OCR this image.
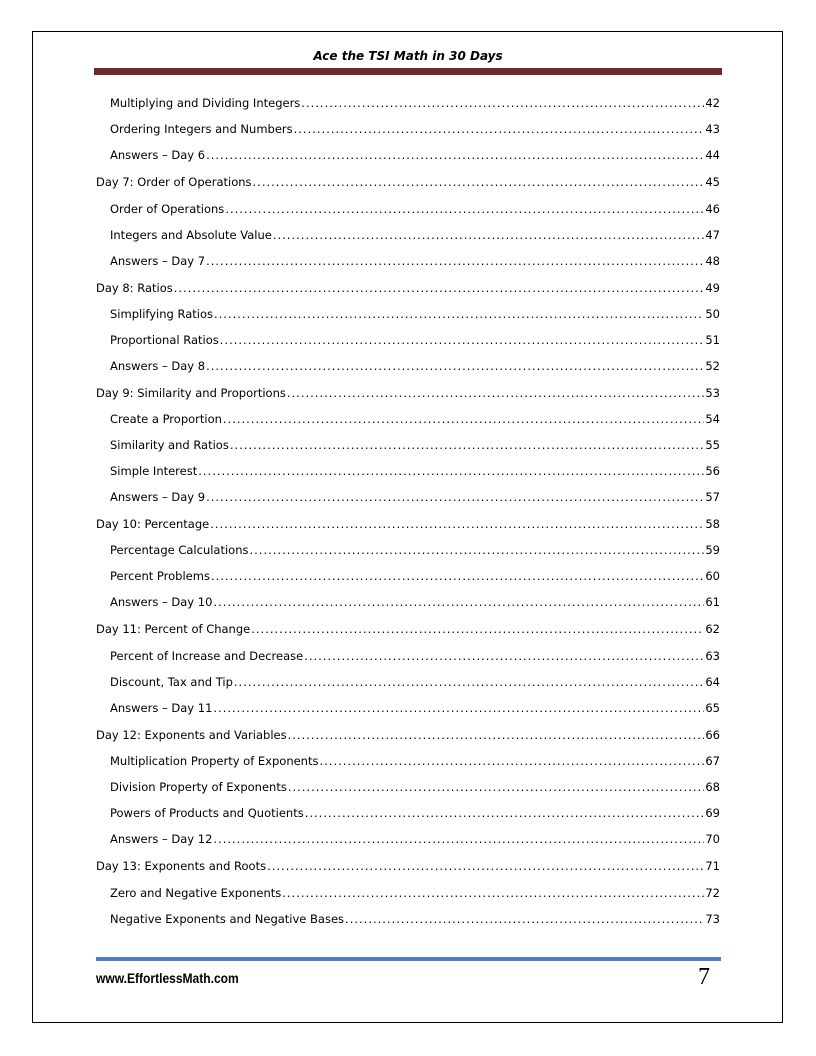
Ace the TSI Math in 30 Days
Multiplying and Dividing Integers .....	42
Ordering Integers and Numbers .....	43
Answers – Day 6 .....	44
Day 7: Order of Operations .....	45
Order of Operations .....	46
Integers and Absolute Value .....	47
Answers – Day 7 .....	48
Day 8: Ratios .....	49
Simplifying Ratios .....	50
Proportional Ratios .....	51
Answers – Day 8 .....	52
Day 9: Similarity and Proportions .....	53
Create a Proportion .....	54
Similarity and Ratios .....	55
Simple Interest .....	56
Answers – Day 9 .....	57
Day 10: Percentage .....	58
Percentage Calculations .....	59
Percent Problems .....	60
Answers – Day 10 .....	61
Day 11: Percent of Change .....	62
Percent of Increase and Decrease .....	63
Discount, Tax and Tip .....	64
Answers – Day 11 .....	65
Day 12: Exponents and Variables .....	66
Multiplication Property of Exponents .....	67
Division Property of Exponents .....	68
Powers of Products and Quotients .....	69
Answers – Day 12 .....	70
Day 13: Exponents and Roots .....	71
Zero and Negative Exponents .....	72
Negative Exponents and Negative Bases .....	73
www.EffortlessMath.com	7
